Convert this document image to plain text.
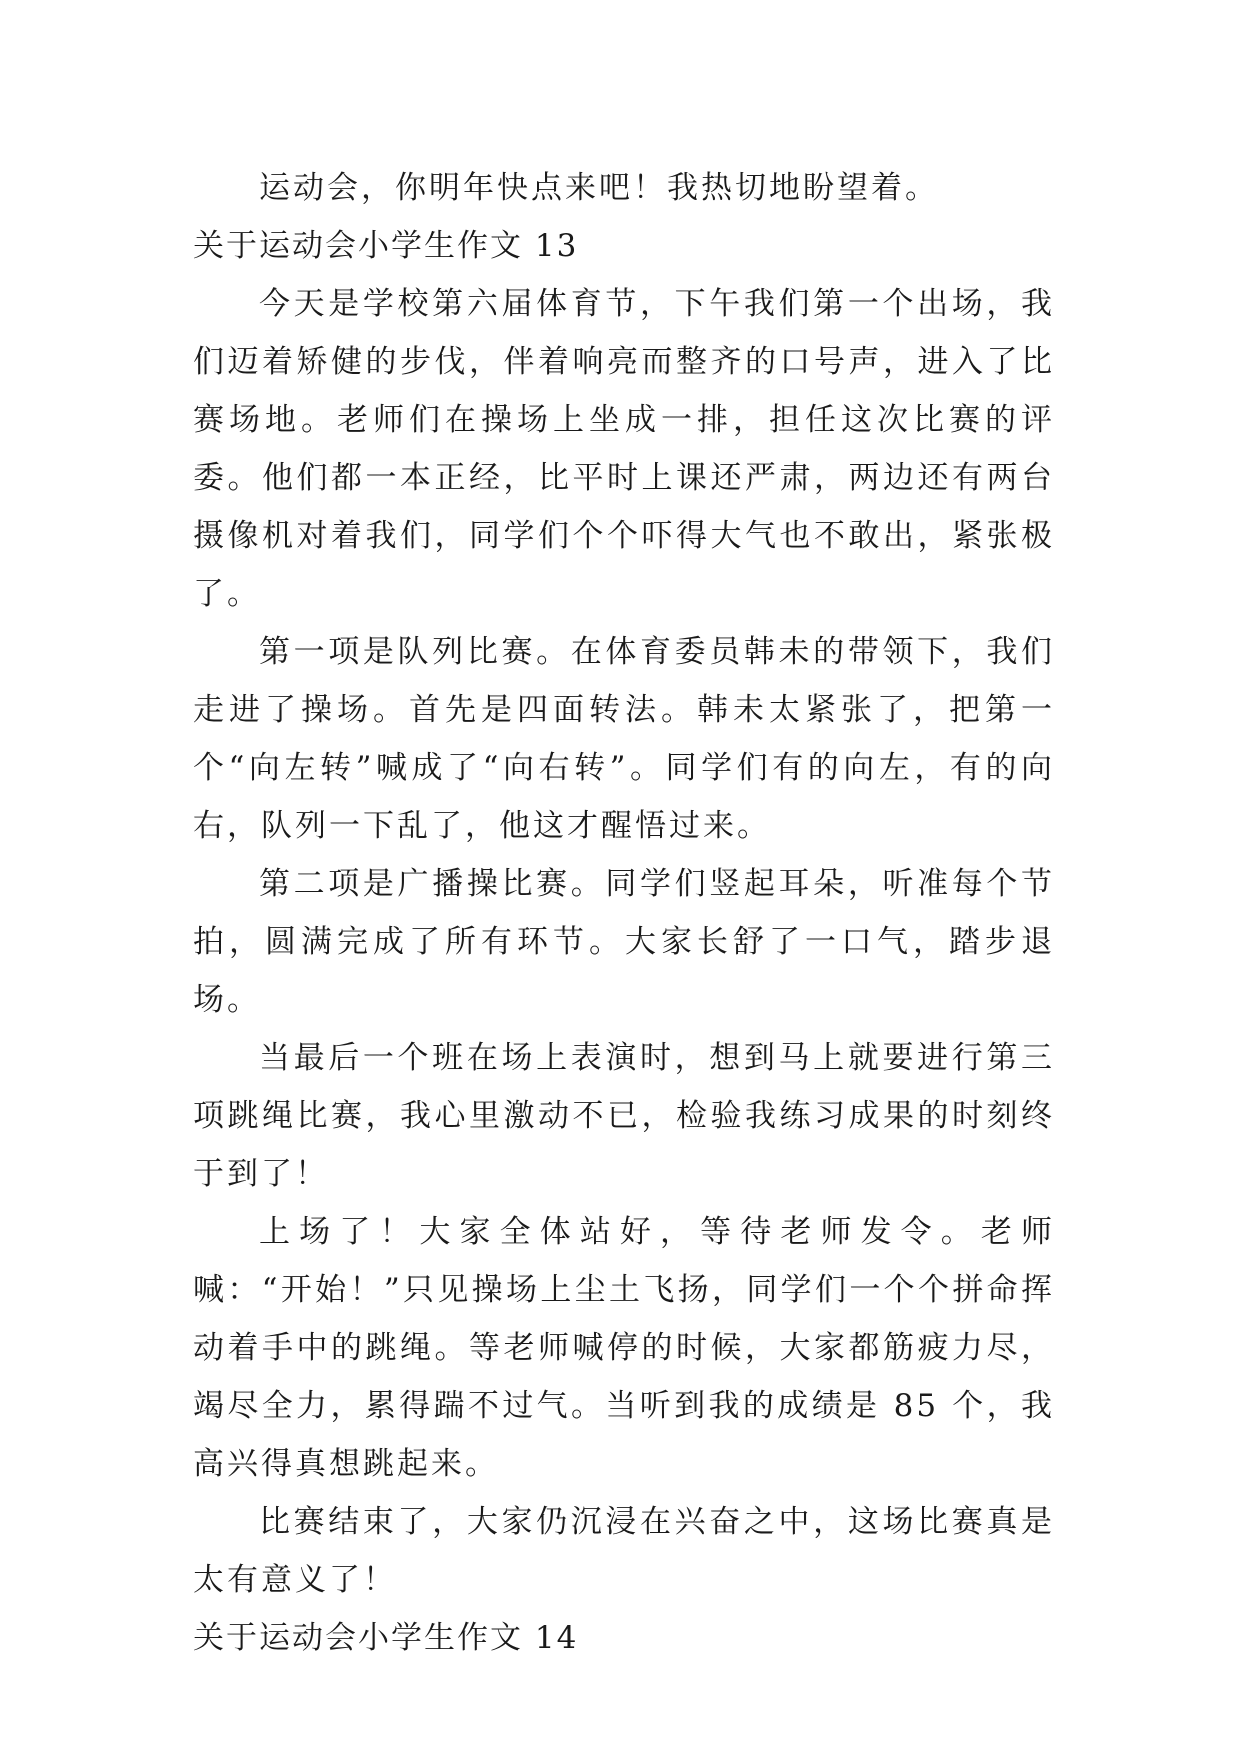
运动会，你明年快点来吧！我热切地盼望着。

关于运动会小学生作文 13

今天是学校第六届体育节，下午我们第一个出场，我们迈着矫健的步伐，伴着响亮而整齐的口号声，进入了比赛场地。老师们在操场上坐成一排，担任这次比赛的评委。他们都一本正经，比平时上课还严肃，两边还有两台摄像机对着我们，同学们个个吓得大气也不敢出，紧张极了。

第一项是队列比赛。在体育委员韩未的带领下，我们走进了操场。首先是四面转法。韩未太紧张了，把第一个“向左转”喊成了“向右转”。同学们有的向左，有的向右，队列一下乱了，他这才醒悟过来。

第二项是广播操比赛。同学们竖起耳朵，听准每个节拍，圆满完成了所有环节。大家长舒了一口气，踏步退场。

当最后一个班在场上表演时，想到马上就要进行第三项跳绳比赛，我心里激动不已，检验我练习成果的时刻终于到了！

上场了！大家全体站好，等待老师发令。老师喊：“开始！”只见操场上尘土飞扬，同学们一个个拼命挥动着手中的跳绳。等老师喊停的时候，大家都筋疲力尽，竭尽全力，累得踹不过气。当听到我的成绩是 85 个，我高兴得真想跳起来。

比赛结束了，大家仍沉浸在兴奋之中，这场比赛真是太有意义了！

关于运动会小学生作文 14
